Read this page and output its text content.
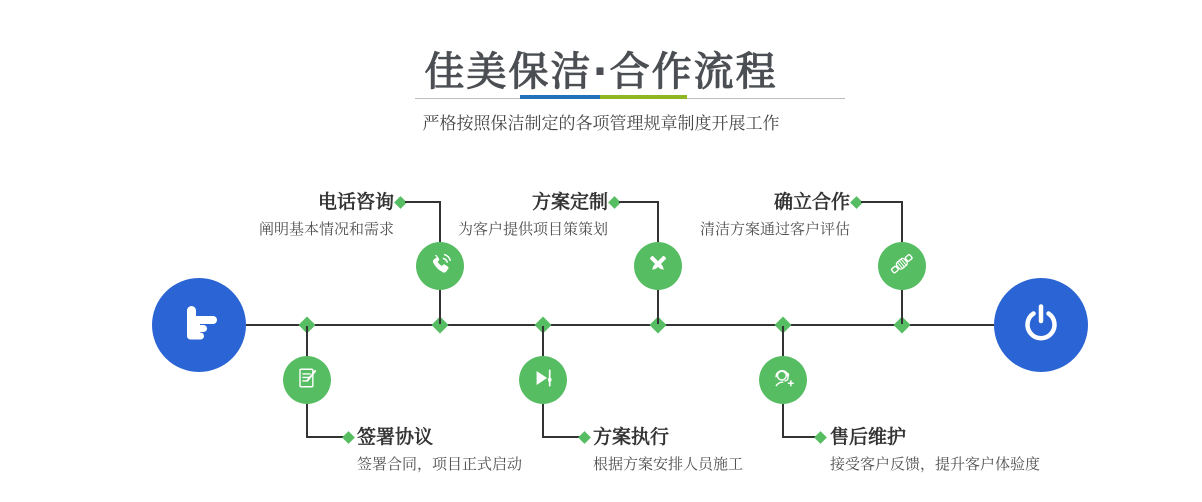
佳美保洁·合作流程
严格按照保洁制定的各项管理规章制度开展工作
签署协议
签署合同，项目正式启动
电话咨询
阐明基本情况和需求
方案执行
根据方案安排人员施工
方案定制
为客户提供项目策策划
售后维护
接受客户反馈，提升客户体验度
确立合作
清洁方案通过客户评估
